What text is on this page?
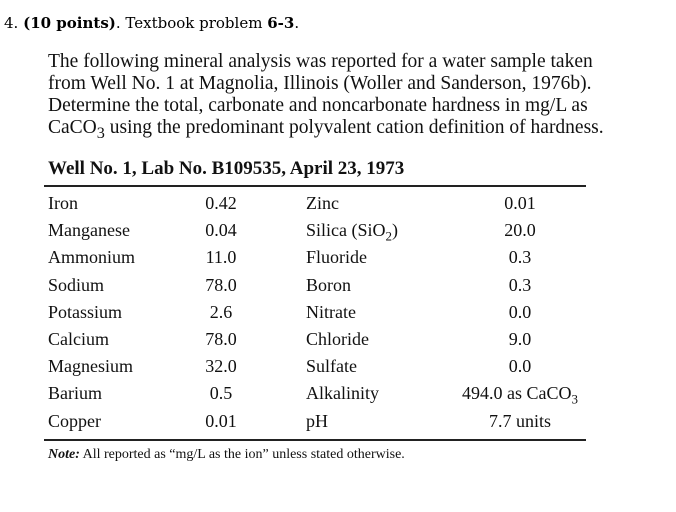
4. (10 points). Textbook problem 6-3.
The following mineral analysis was reported for a water sample taken
from Well No. 1 at Magnolia, Illinois (Woller and Sanderson, 1976b).
Determine the total, carbonate and noncarbonate hardness in mg/L as
CaCO$_3$ using the predominant polyvalent cation definition of hardness.
Well No. 1, Lab No. B109535, April 23, 1973
Iron	0.42	Zinc	0.01
Manganese	0.04	Silica (SiO$_2$)	20.0
Ammonium	11.0	Fluoride	0.3
Sodium	78.0	Boron	0.3
Potassium	2.6	Nitrate	0.0
Calcium	78.0	Chloride	9.0
Magnesium	32.0	Sulfate	0.0
Barium	0.5	Alkalinity	494.0 as CaCO$_3$
Copper	0.01	pH	7.7 units
Note: All reported as “mg/L as the ion” unless stated otherwise.
